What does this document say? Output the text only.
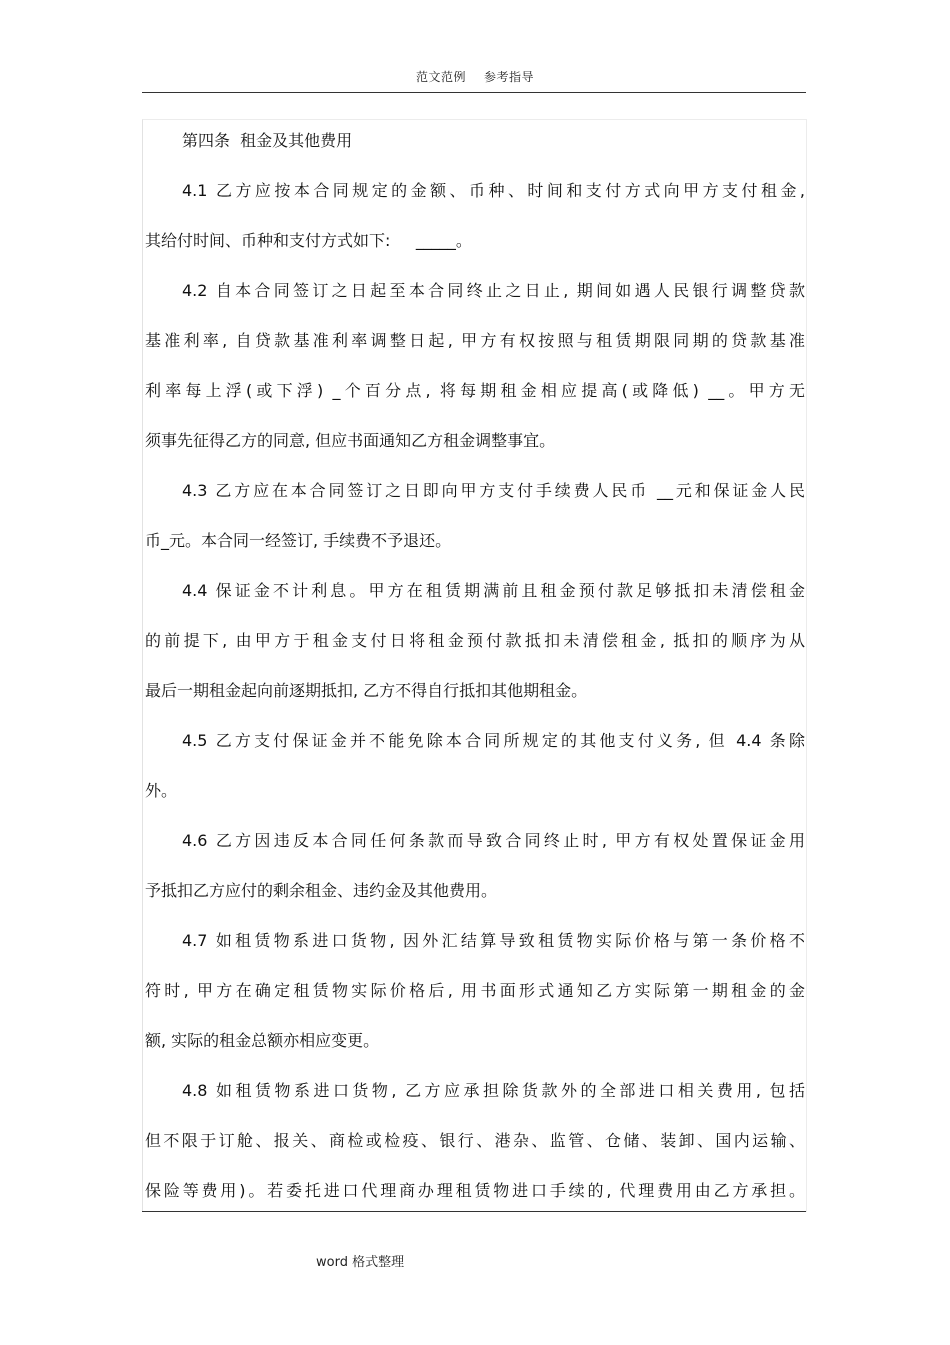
范文范例 参考指导
第四条  租金及其他费用
4.1 乙方应按本合同规定的金额、币种、时间和支付方式向甲方支付租金,
其给付时间、币种和支付方式如下:     _____。
4.2 自本合同签订之日起至本合同终止之日止, 期间如遇人民银行调整贷款
基准利率, 自贷款基准利率调整日起, 甲方有权按照与租赁期限同期的贷款基准
利率每上浮(或下浮) _个百分点, 将每期租金相应提高(或降低) __。甲方无
须事先征得乙方的同意, 但应书面通知乙方租金调整事宜。
4.3 乙方应在本合同签订之日即向甲方支付手续费人民币 __元和保证金人民
币_元。本合同一经签订, 手续费不予退还。
4.4 保证金不计利息。甲方在租赁期满前且租金预付款足够抵扣未清偿租金
的前提下, 由甲方于租金支付日将租金预付款抵扣未清偿租金, 抵扣的顺序为从
最后一期租金起向前逐期抵扣, 乙方不得自行抵扣其他期租金。
4.5 乙方支付保证金并不能免除本合同所规定的其他支付义务, 但 4.4 条除
外。
4.6 乙方因违反本合同任何条款而导致合同终止时, 甲方有权处置保证金用
予抵扣乙方应付的剩余租金、违约金及其他费用。
4.7 如租赁物系进口货物, 因外汇结算导致租赁物实际价格与第一条价格不
符时, 甲方在确定租赁物实际价格后, 用书面形式通知乙方实际第一期租金的金
额, 实际的租金总额亦相应变更。
4.8 如租赁物系进口货物, 乙方应承担除货款外的全部进口相关费用, 包括
但不限于订舱、报关、商检或检疫、银行、港杂、监管、仓储、装卸、国内运输、
保险等费用)。若委托进口代理商办理租赁物进口手续的, 代理费用由乙方承担。
word 格式整理
